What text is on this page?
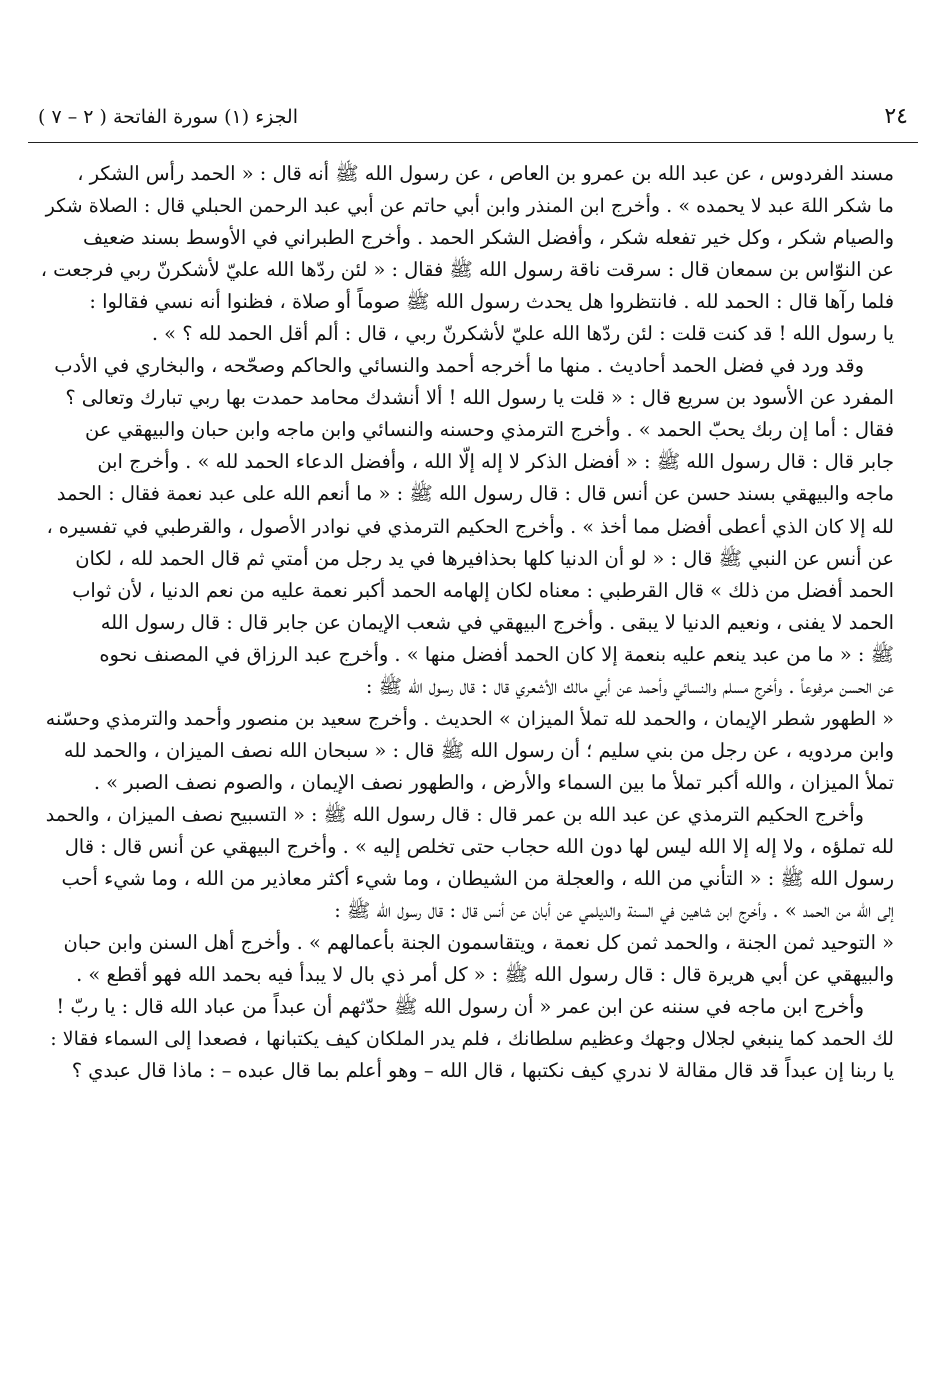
٢٤
الجزء (١) سورة الفاتحة ( ٢ – ٧ )
مسند الفردوس ، عن عبد الله بن عمرو بن العاص ، عن رسول الله ﷺ أنه قال : « الحمد رأس الشكر ،
ما شكر اللهَ عبد لا يحمده » . وأخرج ابن المنذر وابن أبي حاتم عن أبي عبد الرحمن الحبلي قال : الصلاة شكر
والصيام شكر ، وكل خير تفعله شكر ، وأفضل الشكر الحمد . وأخرج الطبراني في الأوسط بسند ضعيف
عن النوّاس بن سمعان قال : سرقت ناقة رسول الله ﷺ فقال : « لئن ردّها الله عليّ لأشكرنّ ربي فرجعت ،
فلما رآها قال : الحمد لله . فانتظروا هل يحدث رسول الله ﷺ صوماً أو صلاة ، فظنوا أنه نسي فقالوا :
يا رسول الله ! قد كنت قلت : لئن ردّها الله عليّ لأشكرنّ ربي ، قال : ألم أقل الحمد لله ؟ » .
وقد ورد في فضل الحمد أحاديث . منها ما أخرجه أحمد والنسائي والحاكم وصحّحه ، والبخاري في الأدب
المفرد عن الأسود بن سريع قال : « قلت يا رسول الله ! ألا أنشدك محامد حمدت بها ربي تبارك وتعالى ؟
فقال : أما إن ربك يحبّ الحمد » . وأخرج الترمذي وحسنه والنسائي وابن ماجه وابن حبان والبيهقي عن
جابر قال : قال رسول الله ﷺ : « أفضل الذكر لا إله إلّا الله ، وأفضل الدعاء الحمد لله » . وأخرج ابن
ماجه والبيهقي بسند حسن عن أنس قال : قال رسول الله ﷺ : « ما أنعم الله على عبد نعمة فقال : الحمد
لله إلا كان الذي أعطى أفضل مما أخذ » . وأخرج الحكيم الترمذي في نوادر الأصول ، والقرطبي في تفسيره ،
عن أنس عن النبي ﷺ قال : « لو أن الدنيا كلها بحذافيرها في يد رجل من أمتي ثم قال الحمد لله ، لكان
الحمد أفضل من ذلك » قال القرطبي : معناه لكان إلهامه الحمد أكبر نعمة عليه من نعم الدنيا ، لأن ثواب
الحمد لا يفنى ، ونعيم الدنيا لا يبقى . وأخرج البيهقي في شعب الإيمان عن جابر قال : قال رسول الله
ﷺ : « ما من عبد ينعم عليه بنعمة إلا كان الحمد أفضل منها » . وأخرج عبد الرزاق في المصنف نحوه
عن الحسن مرفوعاً . وأخرج مسلم والنسائي وأحمد عن أبي مالك الأشعري قال : قال رسول الله ﷺ :
« الطهور شطر الإيمان ، والحمد لله تملأ الميزان » الحديث . وأخرج سعيد بن منصور وأحمد والترمذي وحسّنه
وابن مردويه ، عن رجل من بني سليم ؛ أن رسول الله ﷺ قال : « سبحان الله نصف الميزان ، والحمد لله
تملأ الميزان ، والله أكبر تملأ ما بين السماء والأرض ، والطهور نصف الإيمان ، والصوم نصف الصبر » .
وأخرج الحكيم الترمذي عن عبد الله بن عمر قال : قال رسول الله ﷺ : « التسبيح نصف الميزان ، والحمد
لله تملؤه ، ولا إله إلا الله ليس لها دون الله حجاب حتى تخلص إليه » . وأخرج البيهقي عن أنس قال : قال
رسول الله ﷺ : « التأني من الله ، والعجلة من الشيطان ، وما شيء أكثر معاذير من الله ، وما شيء أحب
إلى الله من الحمد » . وأخرج ابن شاهين في السنة والديلمي عن أبان عن أنس قال : قال رسول الله ﷺ :
« التوحيد ثمن الجنة ، والحمد ثمن كل نعمة ، ويتقاسمون الجنة بأعمالهم » . وأخرج أهل السنن وابن حبان
والبيهقي عن أبي هريرة قال : قال رسول الله ﷺ : « كل أمر ذي بال لا يبدأ فيه بحمد الله فهو أقطع » .
وأخرج ابن ماجه في سننه عن ابن عمر « أن رسول الله ﷺ حدّثهم أن عبداً من عباد الله قال : يا ربّ !
لك الحمد كما ينبغي لجلال وجهك وعظيم سلطانك ، فلم يدر الملكان كيف يكتبانها ، فصعدا إلى السماء فقالا :
يا ربنا إن عبداً قد قال مقالة لا ندري كيف نكتبها ، قال الله – وهو أعلم بما قال عبده – : ماذا قال عبدي ؟
